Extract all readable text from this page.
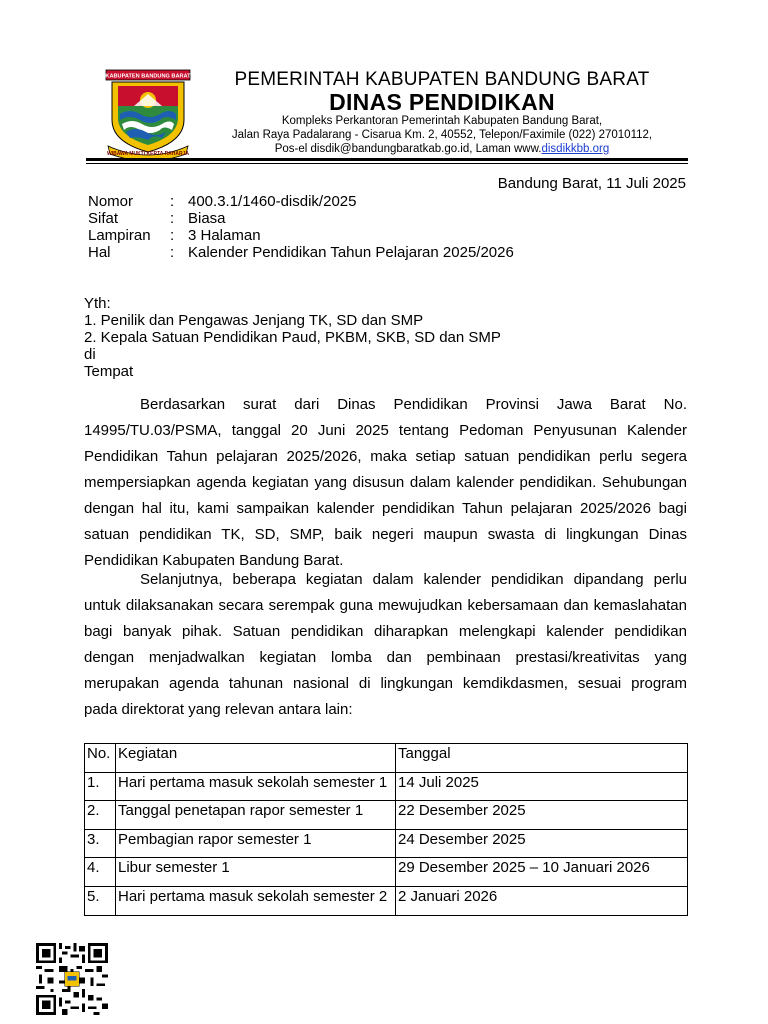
KABUPATEN BANDUNG BARAT
WIBAWA MUKTI KERTA RAHARJA
PEMERINTAH KABUPATEN BANDUNG BARAT
DINAS PENDIDIKAN
Kompleks Perkantoran Pemerintah Kabupaten Bandung Barat,
Jalan Raya Padalarang - Cisarua Km. 2, 40552, Telepon/Faximile (022) 27010112,
Pos-el disdik@bandungbaratkab.go.id, Laman www.disdikkbb.org
Bandung Barat, 11 Juli 2025
Nomor	: 400.3.1/1460-disdik/2025
Sifat	: Biasa
Lampiran	: 3 Halaman
Hal	: Kalender Pendidikan Tahun Pelajaran 2025/2026
Yth:
1. Penilik dan Pengawas Jenjang TK, SD dan SMP
2. Kepala Satuan Pendidikan Paud, PKBM, SKB, SD dan SMP
di
Tempat
Berdasarkan surat dari Dinas Pendidikan Provinsi Jawa Barat No.
14995/TU.03/PSMA, tanggal 20 Juni 2025 tentang Pedoman Penyusunan Kalender
Pendidikan Tahun pelajaran 2025/2026, maka setiap satuan pendidikan perlu segera
mempersiapkan agenda kegiatan yang disusun dalam kalender pendidikan. Sehubungan
dengan hal itu, kami sampaikan kalender pendidikan Tahun pelajaran 2025/2026 bagi
satuan pendidikan TK, SD, SMP, baik negeri maupun swasta di lingkungan Dinas
Pendidikan Kabupaten Bandung Barat.
Selanjutnya, beberapa kegiatan dalam kalender pendidikan dipandang perlu
untuk dilaksanakan secara serempak guna mewujudkan kebersamaan dan kemaslahatan
bagi banyak pihak. Satuan pendidikan diharapkan melengkapi kalender pendidikan
dengan menjadwalkan kegiatan lomba dan pembinaan prestasi/kreativitas yang
merupakan agenda tahunan nasional di lingkungan kemdikdasmen, sesuai program
pada direktorat yang relevan antara lain:
No.	Kegiatan	Tanggal
1.	Hari pertama masuk sekolah semester 1	14 Juli 2025
2.	Tanggal penetapan rapor semester 1	22 Desember 2025
3.	Pembagian rapor semester 1	24 Desember 2025
4.	Libur semester 1	29 Desember 2025 – 10 Januari 2026
5.	Hari pertama masuk sekolah semester 2	2 Januari 2026
